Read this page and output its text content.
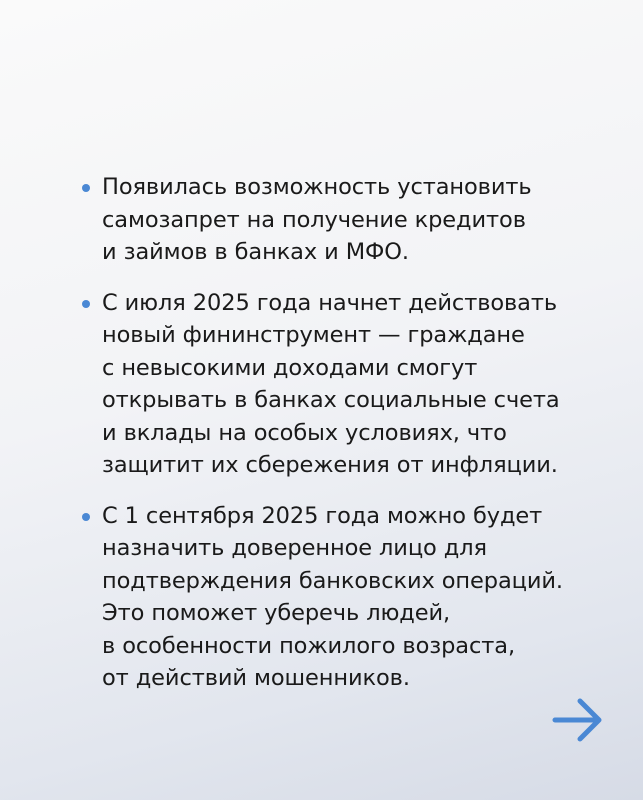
Появилась возможность установить
самозапрет на получение кредитов
и займов в банках и МФО.
С июля 2025 года начнет действовать
новый фининструмент — граждане
с невысокими доходами смогут
открывать в банках социальные счета
и вклады на особых условиях, что
защитит их сбережения от инфляции.
С 1 сентября 2025 года можно будет
назначить доверенное лицо для
подтверждения банковских операций.
Это поможет уберечь людей,
в особенности пожилого возраста,
от действий мошенников.
